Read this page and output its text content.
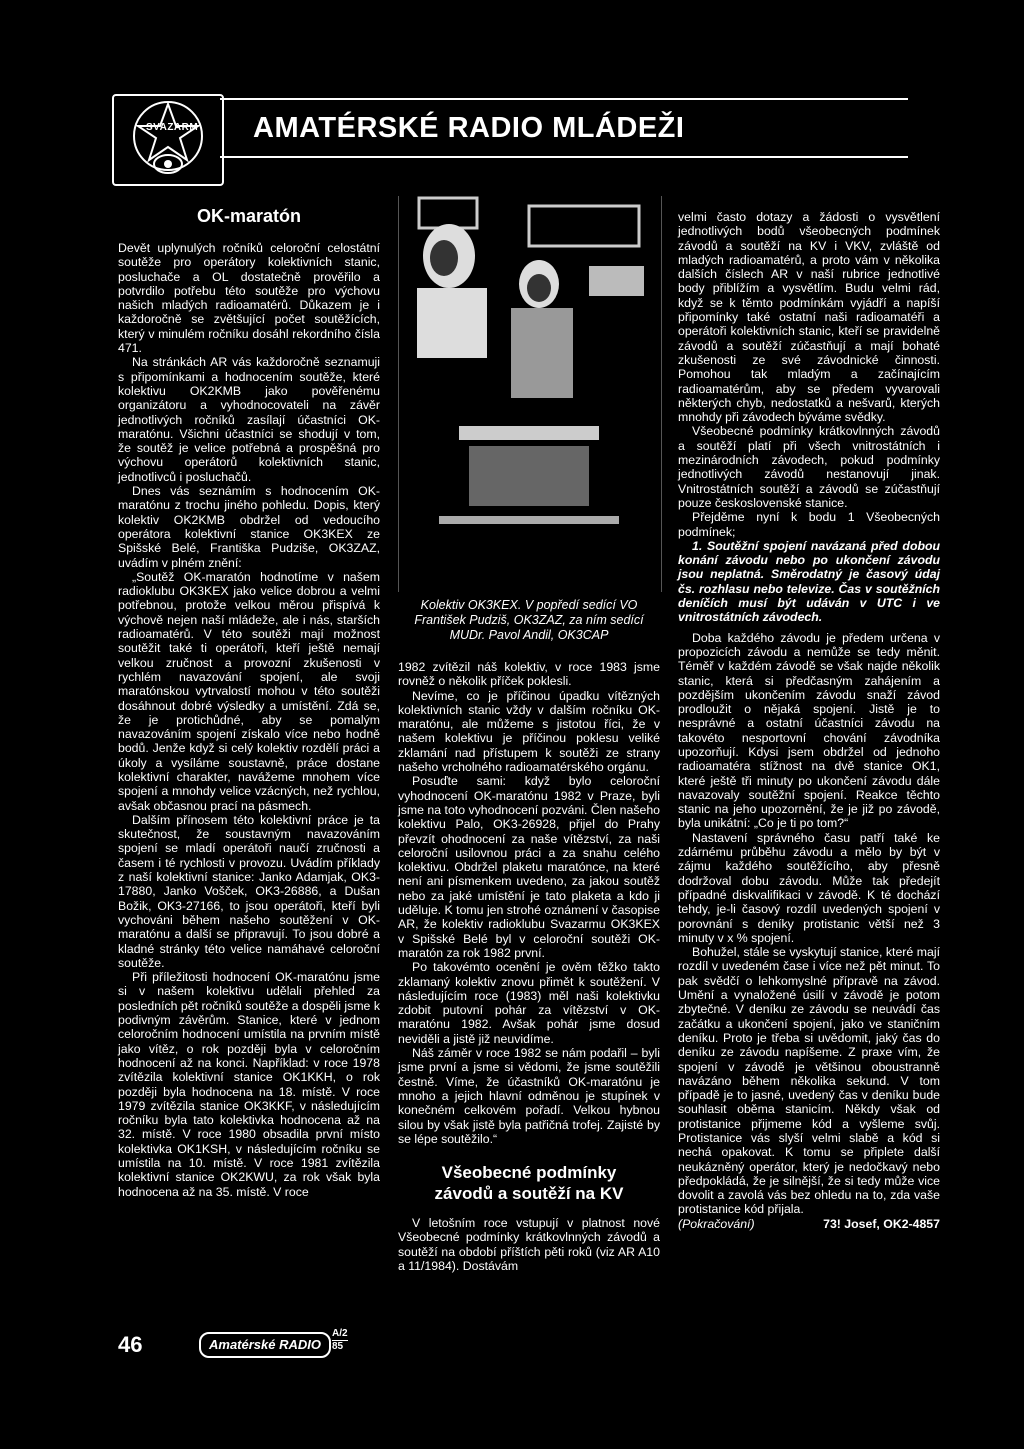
SVAZARM AMATÉRSKÉ RADIO MLÁDEŽI
OK-maratón

Devět uplynulých ročníků celoroční celostátní soutěže pro operátory kolektivních stanic, posluchače a OL dostatečně prověřilo a potvrdilo potřebu této soutěže pro výchovu našich mladých radioamatérů. Důkazem je i každoročně se zvětšující počet soutěžících, který v minulém ročníku dosáhl rekordního čísla 471.

Na stránkách AR vás každoročně seznamuji s připomínkami a hodnocením soutěže, které kolektivu OK2KMB jako pověřenému organizátoru a vyhodnocovateli na závěr jednotlivých ročníků zasílají účastníci OK-maratónu. Všichni účastníci se shodují v tom, že soutěž je velice potřebná a prospěšná pro výchovu operátorů kolektivních stanic, jednotlivců i posluchačů.

Dnes vás seznámím s hodnocením OK-maratónu z trochu jiného pohledu. Dopis, který kolektiv OK2KMB obdržel od vedoucího operátora kolektivní stanice OK3KEX ze Spišské Belé, Františka Pudziše, OK3ZAZ, uvádím v plném znění:

„Soutěž OK-maratón hodnotíme v našem radioklubu OK3KEX jako velice dobrou a velmi potřebnou, protože velkou měrou přispívá k výchově nejen naší mládeže, ale i nás, starších radioamatérů. V této soutěži mají možnost soutěžit také ti operátoři, kteří ještě nemají velkou zručnost a provozní zkušenosti v rychlém navazování spojení, ale svoji maratónskou vytrvalostí mohou v této soutěži dosáhnout dobré výsledky a umístění. Zdá se, že je protichůdné, aby se pomalým navazováním spojení získalo více nebo hodně bodů. Jenže když si celý kolektiv rozdělí práci a úkoly a vysíláme soustavně, práce dostane kolektivní charakter, navážeme mnohem více spojení a mnohdy velice vzácných, než rychlou, avšak občasnou prací na pásmech.

Dalším přínosem této kolektivní práce je ta skutečnost, že soustavným navazováním spojení se mladí operátoři naučí zručnosti a časem i té rychlosti v provozu. Uvádím příklady z naší kolektivní stanice: Janko Adamjak, OK3-17880, Janko Vošček, OK3-26886, a Dušan Božik, OK3-27166, to jsou operátoři, kteří byli vychováni během našeho soutěžení v OK-maratónu a další se připravují. To jsou dobré a kladné stránky této velice namáhavé celoroční soutěže.

Při příležitosti hodnocení OK-maratónu jsme si v našem kolektivu udělali přehled za posledních pět ročníků soutěže a dospěli jsme k podivným závěrům. Stanice, které v jednom celoročním hodnocení umístila na prvním místě jako vítěz, o rok později byla v celoročním hodnocení až na konci. Například: v roce 1978 zvítězila kolektivní stanice OK1KKH, o rok později byla hodnocena na 18. místě. V roce 1979 zvítězila stanice OK3KKF, v následujícím ročníku byla tato kolektivka hodnocena až na 32. místě. V roce 1980 obsadila první místo kolektivka OK1KSH, v následujícím ročníku se umístila na 10. místě. V roce 1981 zvítězila kolektivní stanice OK2KWU, za rok však byla hodnocena až na 35. místě. V roce

Kolektiv OK3KEX. V popředí sedící VO František Pudziš, OK3ZAZ, za ním sedící MUDr. Pavol Andil, OK3CAP

1982 zvítězil náš kolektiv, v roce 1983 jsme rovněž o několik příček poklesli.

Nevíme, co je příčinou úpadku vítězných kolektivních stanic vždy v dalším ročníku OK-maratónu, ale můžeme s jistotou říci, že v našem kolektivu je příčinou poklesu veliké zklamání nad přístupem k soutěži ze strany našeho vrcholného radioamatérského orgánu.

Posuďte sami: když bylo celoroční vyhodnocení OK-maratónu 1982 v Praze, byli jsme na toto vyhodnocení pozváni. Člen našeho kolektivu Palo, OK3-26928, přijel do Prahy převzít ohodnocení za naše vítězství, za naši celoroční usilovnou práci a za snahu celého kolektivu. Obdržel plaketu maratónce, na které není ani písmenkem uvedeno, za jakou soutěž nebo za jaké umístění je tato plaketa a kdo ji uděluje. K tomu jen strohé oznámení v časopise AR, že kolektiv radioklubu Svazarmu OK3KEX v Spišské Belé byl v celoroční soutěži OK-maratón za rok 1982 první.

Po takovémto ocenění je ověm těžko takto zklamaný kolektiv znovu přimět k soutěžení. V následujícím roce (1983) měl naši kolektivku zdobit putovní pohár za vítězství v OK-maratónu 1982. Avšak pohár jsme dosud neviděli a jistě již neuvidíme.

Náš záměr v roce 1982 se nám podařil – byli jsme první a jsme si vědomi, že jsme soutěžili čestně. Víme, že účastníků OK-maratónu je mnoho a jejich hlavní odměnou je stupínek v konečném celkovém pořadí. Velkou hybnou silou by však jistě byla patřičná trofej. Zajisté by se lépe soutěžilo.“

Všeobecné podmínky závodů a soutěží na KV

V letošním roce vstupují v platnost nové Všeobecné podmínky krátkovlnných závodů a soutěží na období příštích pěti roků (viz AR A10 a 11/1984). Dostávám

velmi často dotazy a žádosti o vysvětlení jednotlivých bodů všeobecných podmínek závodů a soutěží na KV i VKV, zvláště od mladých radioamatérů, a proto vám v několika dalších číslech AR v naší rubrice jednotlivé body přiblížím a vysvětlím. Budu velmi rád, když se k těmto podmínkám vyjádří a napíší připomínky také ostatní naši radioamatéři a operátoři kolektivních stanic, kteří se pravidelně závodů a soutěží zúčastňují a mají bohaté zkušenosti ze své závodnické činnosti. Pomohou tak mladým a začínajícím radioamatérům, aby se předem vyvarovali některých chyb, nedostatků a nešvarů, kterých mnohdy při závodech býváme svědky.

Všeobecné podmínky krátkovlnných závodů a soutěží platí při všech vnitrostátních i mezinárodních závodech, pokud podmínky jednotlivých závodů nestanovují jinak. Vnitrostátních soutěží a závodů se zúčastňují pouze československé stanice.

Přejděme nyní k bodu 1 Všeobecných podmínek;

1. Soutěžní spojení navázaná před dobou konání závodu nebo po ukončení závodu jsou neplatná. Směrodatný je časový údaj čs. rozhlasu nebo televize. Čas v soutěžních deníčích musí být udáván v UTC i ve vnitrostátních závodech.

Doba každého závodu je předem určena v propozicích závodu a nemůže se tedy měnit. Téměř v každém závodě se však najde několik stanic, která si předčasným zahájením a pozdějším ukončením závodu snaží závod prodloužit o nějaká spojení. Jistě je to nesprávné a ostatní účastníci závodu na takovéto nesportovní chování závodníka upozorňují. Kdysi jsem obdržel od jednoho radioamatéra stížnost na dvě stanice OK1, které ještě tři minuty po ukončení závodu dále navazovaly soutěžní spojení. Reakce těchto stanic na jeho upozornění, že je již po závodě, byla unikátní: „Co je ti po tom?“

Nastavení správného času patří také ke zdárnému průběhu závodu a mělo by být v zájmu každého soutěžícího, aby přesně dodržoval dobu závodu. Může tak předejít případné diskvalifikaci v závodě. K té dochází tehdy, je-li časový rozdíl uvedených spojení v porovnání s deníky protistanic větší než 3 minuty v x % spojení.

Bohužel, stále se vyskytují stanice, které mají rozdíl v uvedeném čase i více než pět minut. To pak svědčí o lehkomyslné přípravě na závod. Umění a vynaložené úsilí v závodě je potom zbytečné. V deníku ze závodu se neuvádí čas začátku a ukončení spojení, jako ve staničním deníku. Proto je třeba si uvědomit, jaký čas do deníku ze závodu napíšeme. Z praxe vím, že spojení v závodě je většinou oboustranně navázáno během několika sekund. V tom případě je to jasné, uvedený čas v deníku bude souhlasit oběma stanicím. Někdy však od protistanice přijmeme kód a vyšleme svůj. Protistanice vás slyší velmi slabě a kód si nechá opakovat. K tomu se připlete další neukázněný operátor, který je nedočkavý nebo předpokládá, že je silnější, že si tedy může vice dovolit a zavolá vás bez ohledu na to, zda vaše protistanice kód přijala.

(Pokračování)	73! Josef, OK2-4857
46	Amatérské RADIO
A/2
85
